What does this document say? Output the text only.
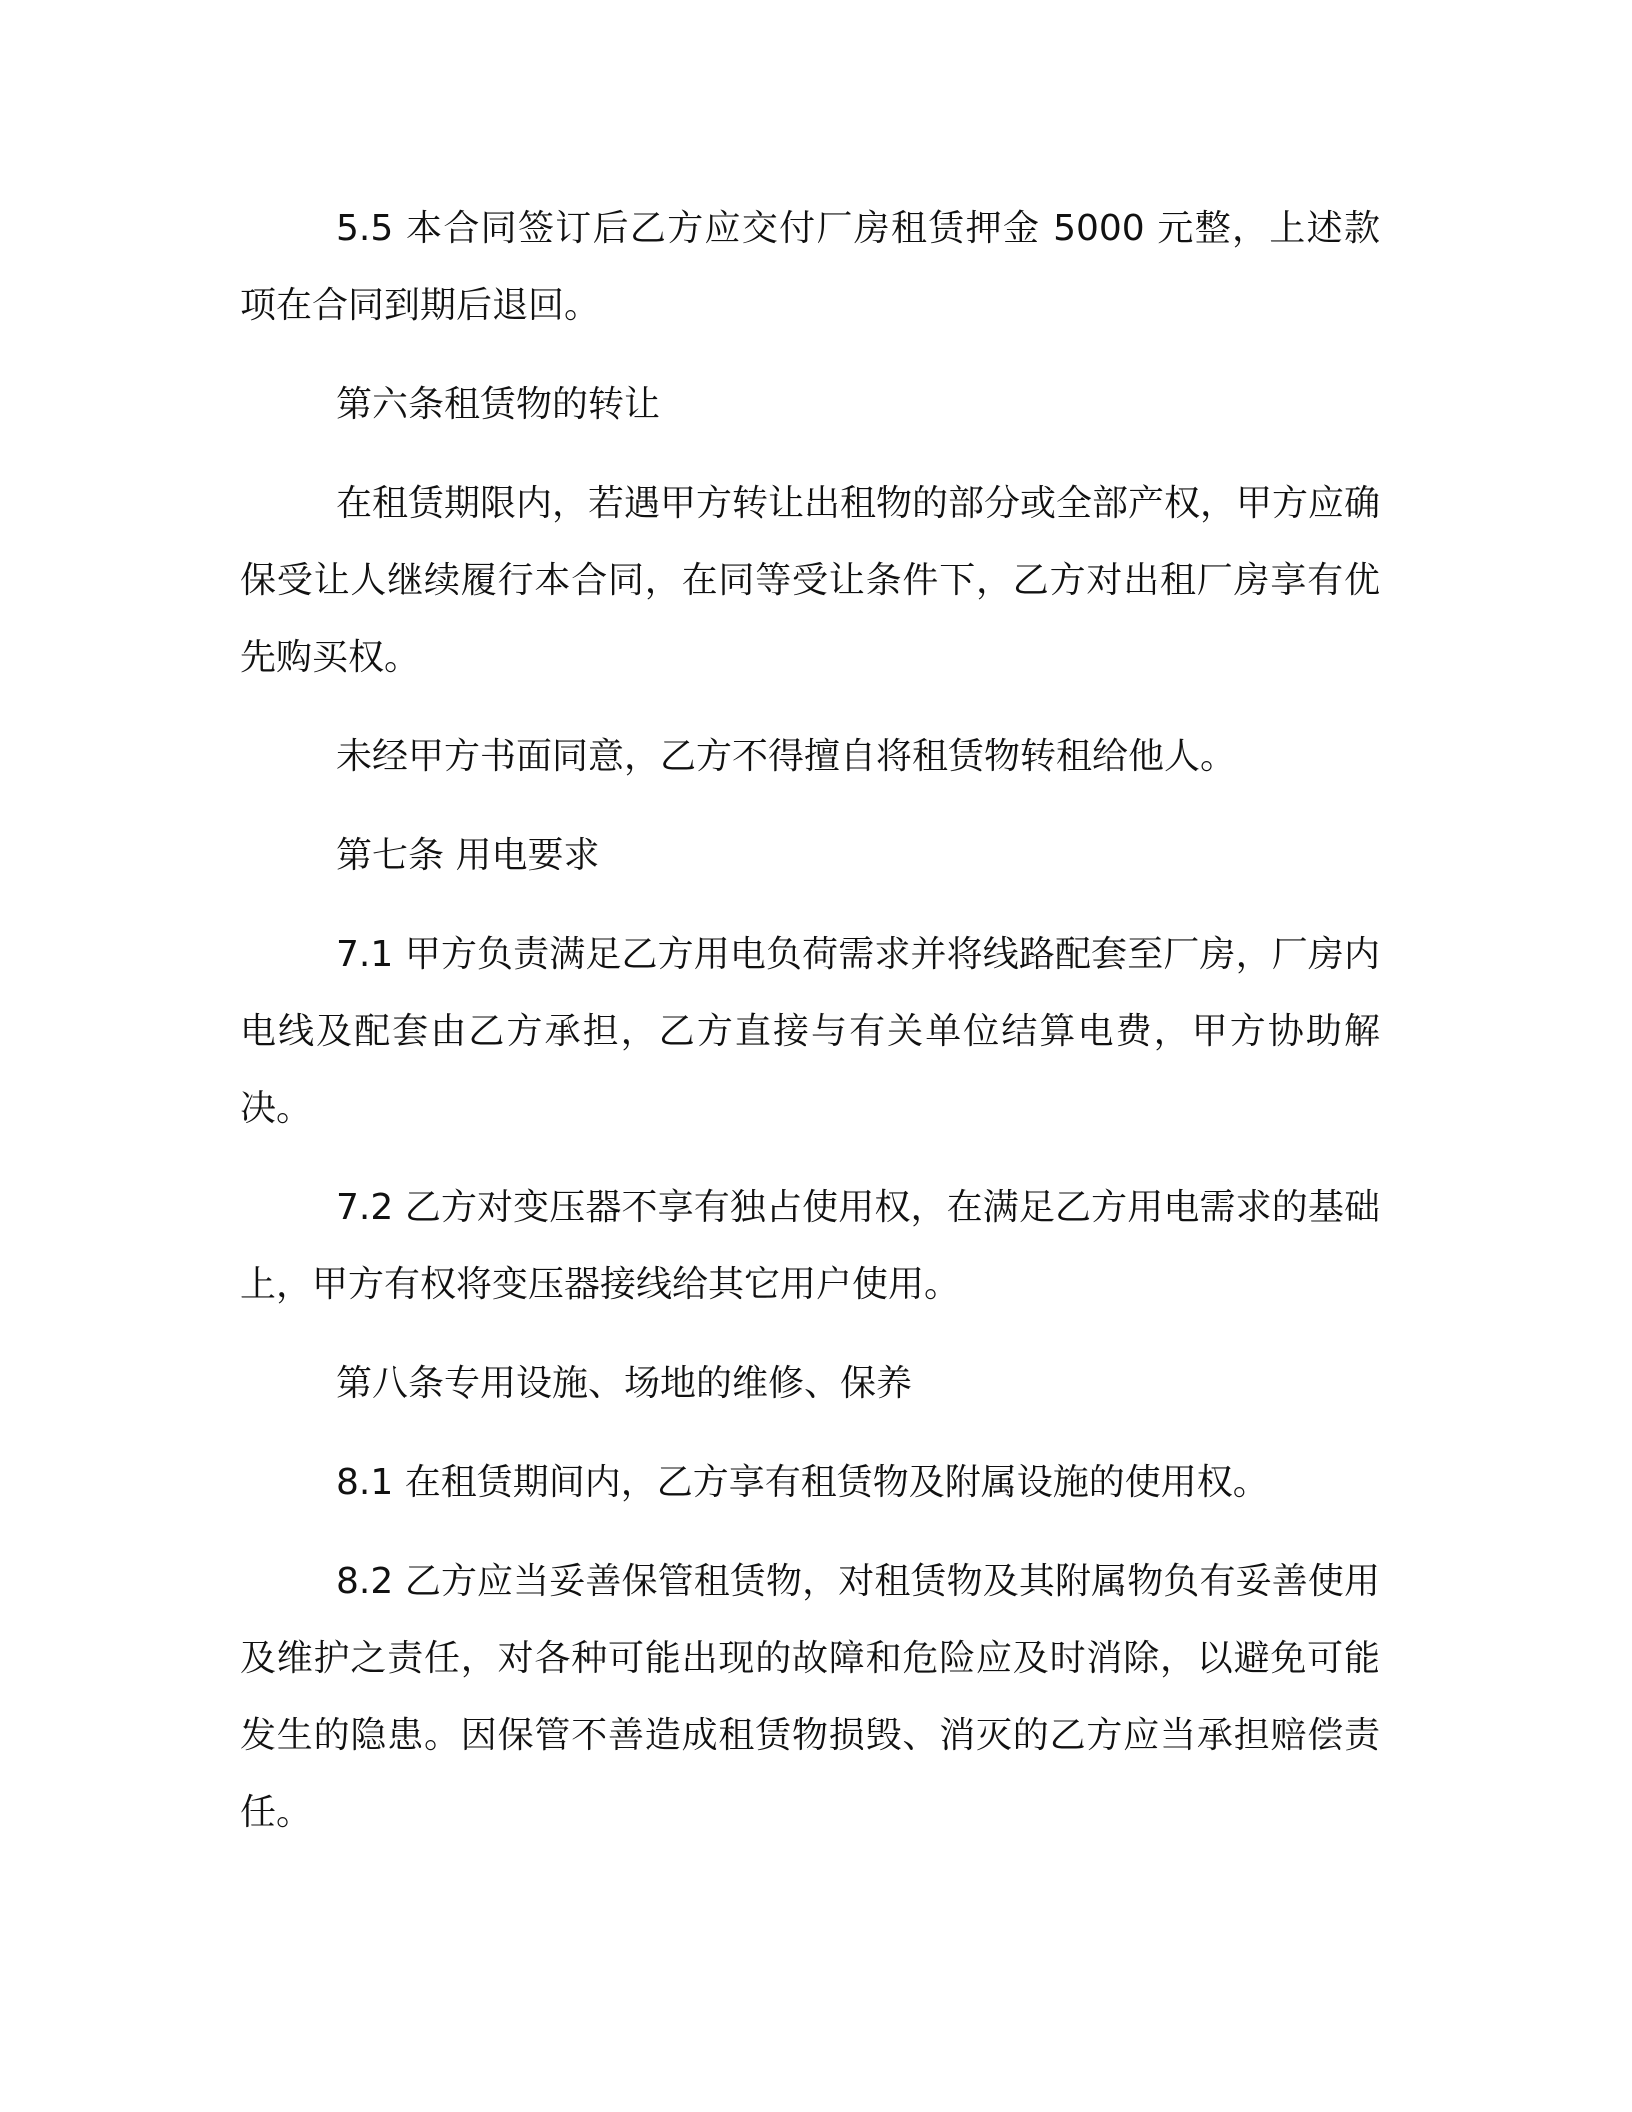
5.5 本合同签订后乙方应交付厂房租赁押金 5000 元整，上述款项在合同到期后退回。

第六条租赁物的转让

在租赁期限内，若遇甲方转让出租物的部分或全部产权，甲方应确保受让人继续履行本合同，在同等受让条件下，乙方对出租厂房享有优先购买权。

未经甲方书面同意，乙方不得擅自将租赁物转租给他人。

第七条 用电要求

7.1 甲方负责满足乙方用电负荷需求并将线路配套至厂房，厂房内电线及配套由乙方承担，乙方直接与有关单位结算电费，甲方协助解决。

7.2 乙方对变压器不享有独占使用权，在满足乙方用电需求的基础上，甲方有权将变压器接线给其它用户使用。

第八条专用设施、场地的维修、保养

8.1 在租赁期间内，乙方享有租赁物及附属设施的使用权。

8.2 乙方应当妥善保管租赁物，对租赁物及其附属物负有妥善使用及维护之责任，对各种可能出现的故障和危险应及时消除，以避免可能发生的隐患。因保管不善造成租赁物损毁、消灭的乙方应当承担赔偿责任。
